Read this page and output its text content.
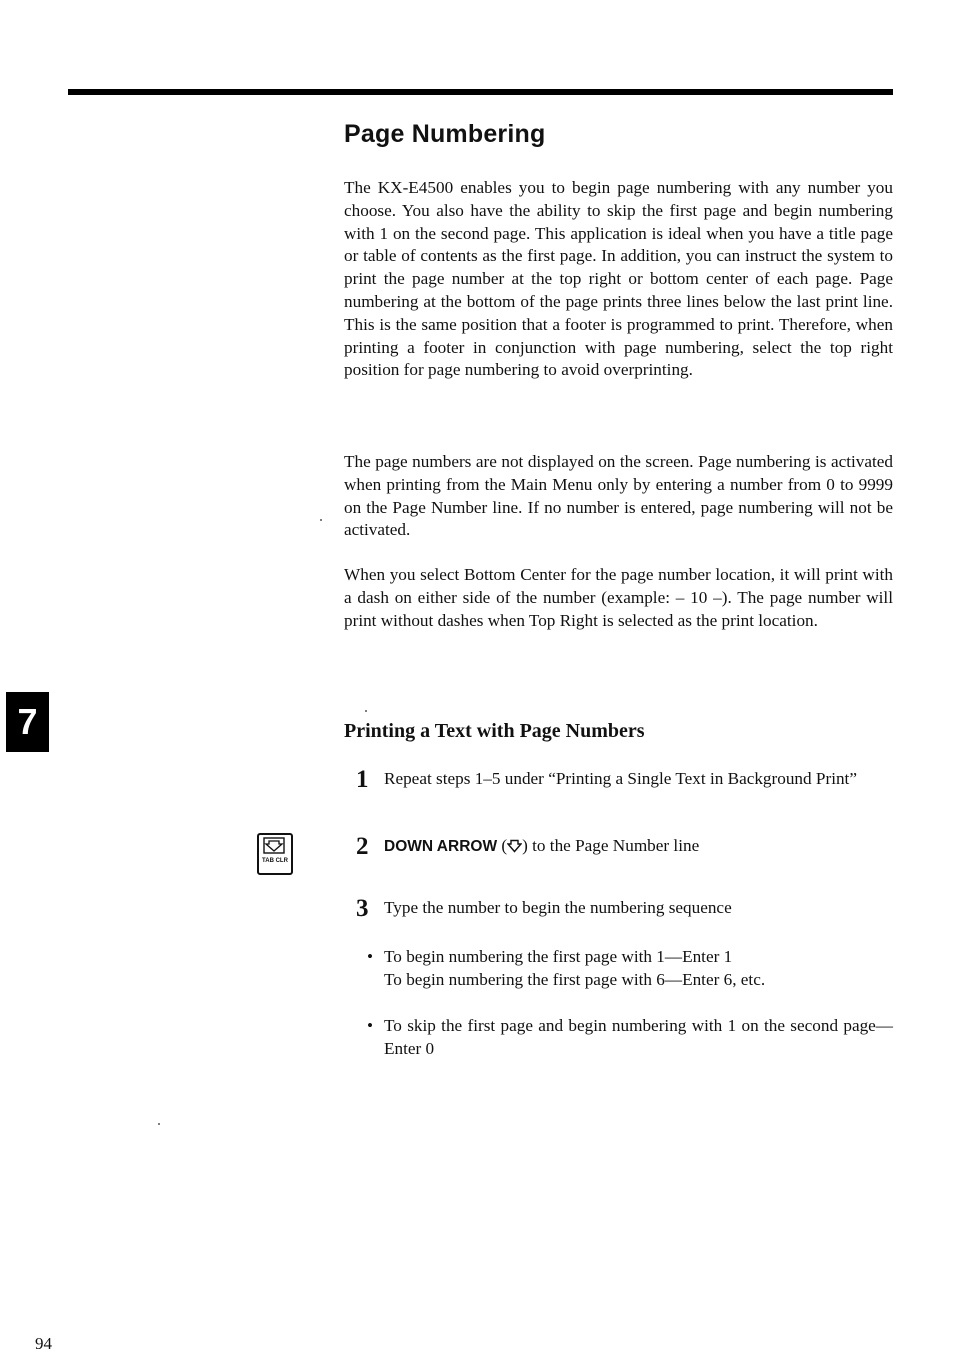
Page Numbering

The KX-E4500 enables you to begin page numbering with any number you choose. You also have the ability to skip the first page and begin numbering with 1 on the second page. This application is ideal when you have a title page or table of contents as the first page. In addition, you can instruct the system to print the page number at the top right or bottom center of each page. Page numbering at the bottom of the page prints three lines below the last print line. This is the same position that a footer is programmed to print. Therefore, when printing a footer in conjunction with page numbering, select the top right position for page numbering to avoid overprinting.

The page numbers are not displayed on the screen. Page numbering is activated when printing from the Main Menu only by entering a number from 0 to 9999 on the Page Number line. If no number is entered, page numbering will not be activated.

When you select Bottom Center for the page number location, it will print with a dash on either side of the number (example: – 10 –). The page number will print without dashes when Top Right is selected as the print location.

7	Printing a Text with Page Numbers
1 Repeat steps 1–5 under “Printing a Single Text in Background Print”

TAB CLR
2 DOWN ARROW ( ) to the Page Number line

3 Type the number to begin the numbering sequence

• To begin numbering the first page with 1—Enter 1
To begin numbering the first page with 6—Enter 6, etc.
• To skip the first page and begin numbering with 1 on the second page—Enter 0
94
